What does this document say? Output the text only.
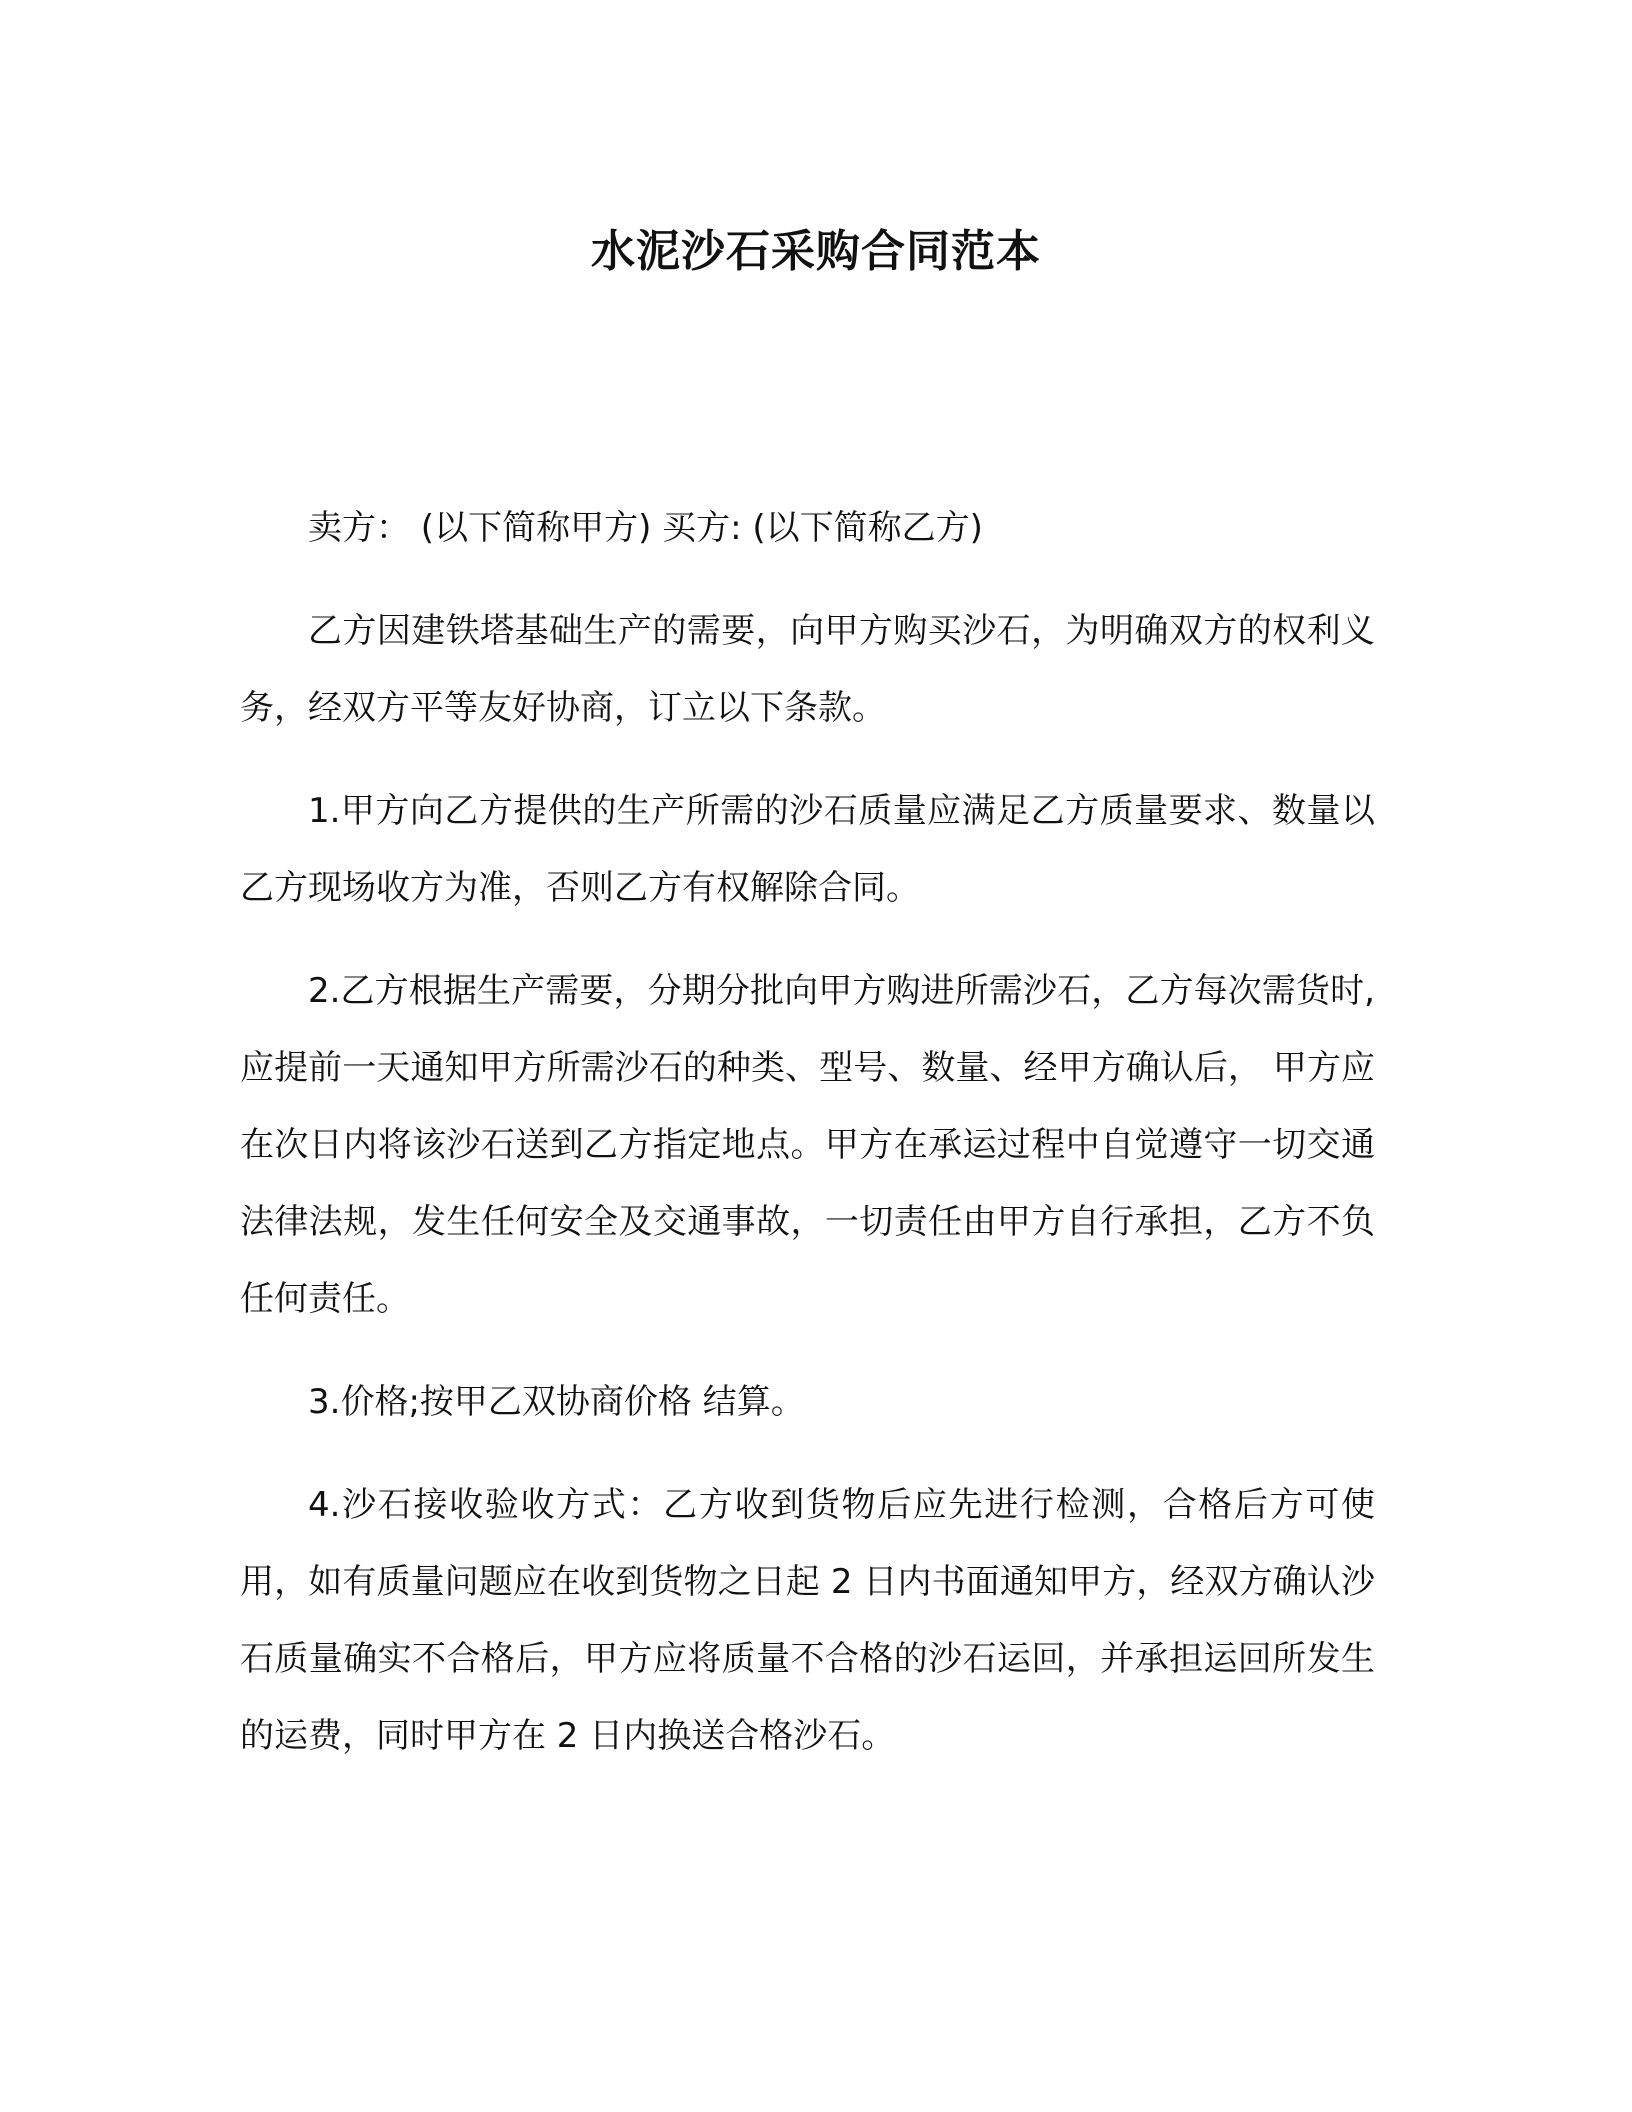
水泥沙石采购合同范本

卖方： (以下简称甲方) 买方: (以下简称乙方)

乙方因建铁塔基础生产的需要，向甲方购买沙石，为明确双方的权利义务，经双方平等友好协商，订立以下条款。

1.甲方向乙方提供的生产所需的沙石质量应满足乙方质量要求、数量以乙方现场收方为准，否则乙方有权解除合同。

2.乙方根据生产需要，分期分批向甲方购进所需沙石，乙方每次需货时,应提前一天通知甲方所需沙石的种类、型号、数量、经甲方确认后， 甲方应在次日内将该沙石送到乙方指定地点。甲方在承运过程中自觉遵守一切交通法律法规，发生任何安全及交通事故，一切责任由甲方自行承担，乙方不负任何责任。

3.价格;按甲乙双协商价格 结算。

4.沙石接收验收方式：乙方收到货物后应先进行检测，合格后方可使用，如有质量问题应在收到货物之日起 2 日内书面通知甲方，经双方确认沙石质量确实不合格后，甲方应将质量不合格的沙石运回，并承担运回所发生的运费，同时甲方在 2 日内换送合格沙石。
